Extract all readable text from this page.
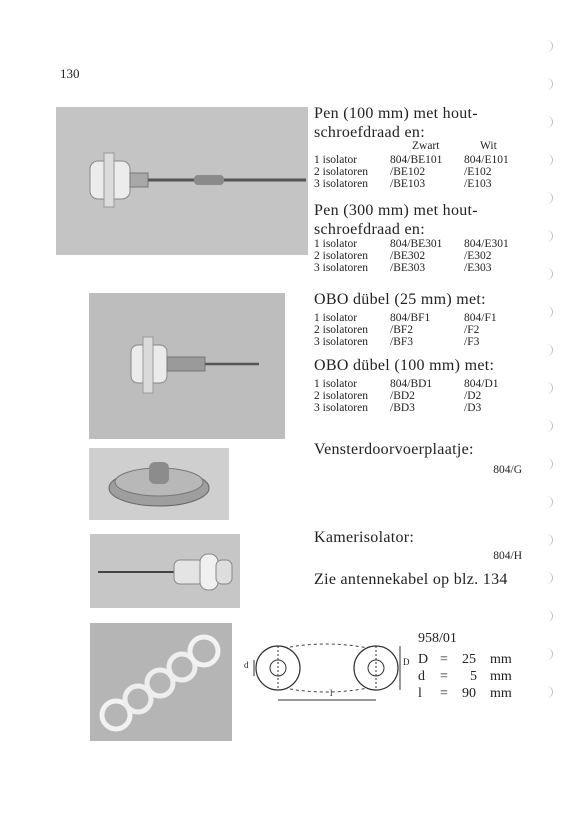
130
Pen (100 mm) met hout-
schroefdraad en:
Zwart	Wit
1 isolator	804/BE101 804/E101
2 isolatoren /BE102	/E102
3 isolatoren /BE103	/E103
Pen (300 mm) met hout-
schroefdraad en:
1 isolator	804/BE301 804/E301
2 isolatoren /BE302	/E302
3 isolatoren /BE303	/E303
OBO dübel (25 mm) met:
1 isolator	804/BF1	804/F1
2 isolatoren /BF2	/F2
3 isolatoren /BF3	/F3
OBO dübel (100 mm) met:
1 isolator	804/BD1	804/D1
2 isolatoren /BD2	/D2
3 isolatoren /BD3	/D3
Vensterdoorvoerplaatje:
804/G
Kamerisolator:
804/H
Zie antennekabel op blz. 134
d	D
l
958/01
D = 25 mm
d = 5 mm
l = 90 mm
